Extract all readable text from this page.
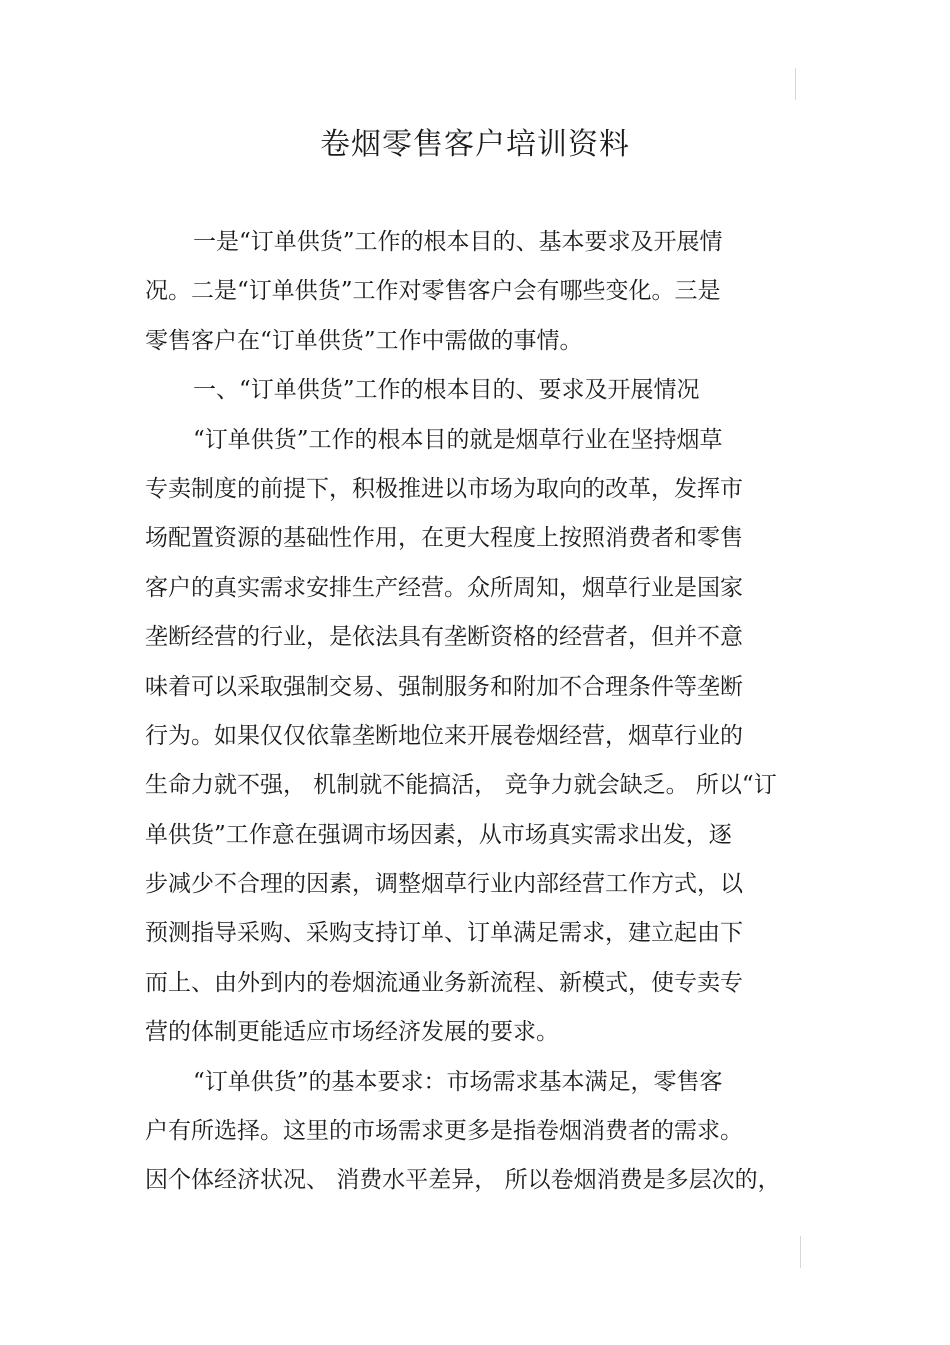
卷烟零售客户培训资料
一是“订单供货”工作的根本目的、基本要求及开展情
况。二是“订单供货”工作对零售客户会有哪些变化。三是
零售客户在“订单供货”工作中需做的事情。
一、“订单供货”工作的根本目的、要求及开展情况
“订单供货”工作的根本目的就是烟草行业在坚持烟草
专卖制度的前提下，积极推进以市场为取向的改革，发挥市
场配置资源的基础性作用，在更大程度上按照消费者和零售
客户的真实需求安排生产经营。众所周知，烟草行业是国家
垄断经营的行业，是依法具有垄断资格的经营者，但并不意
味着可以采取强制交易、强制服务和附加不合理条件等垄断
行为。如果仅仅依靠垄断地位来开展卷烟经营，烟草行业的
生命力就不强， 机制就不能搞活， 竞争力就会缺乏。 所以“订
单供货”工作意在强调市场因素，从市场真实需求出发，逐
步减少不合理的因素，调整烟草行业内部经营工作方式，以
预测指导采购、采购支持订单、订单满足需求，建立起由下
而上、由外到内的卷烟流通业务新流程、新模式，使专卖专
营的体制更能适应市场经济发展的要求。
“订单供货”的基本要求：市场需求基本满足，零售客
户有所选择。这里的市场需求更多是指卷烟消费者的需求。
因个体经济状况、 消费水平差异， 所以卷烟消费是多层次的，
